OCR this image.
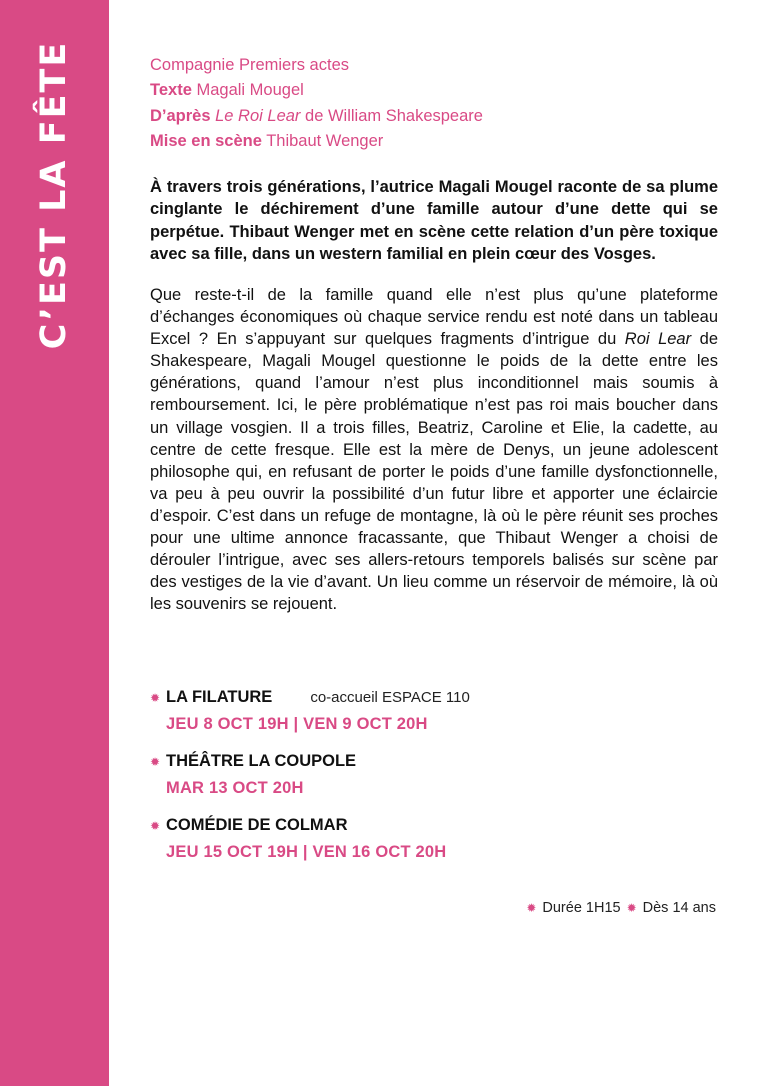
C’EST LA FÊTE	Compagnie Premiers actes
Texte Magali Mougel
D’après Le Roi Lear de William Shakespeare
Mise en scène Thibaut Wenger

À travers trois générations, l’autrice Magali Mougel raconte de sa plume cinglante le déchirement d’une famille autour d’une dette qui se perpétue. Thibaut Wenger met en scène cette relation d’un père toxique avec sa fille, dans un western familial en plein cœur des Vosges.

Que reste-t-il de la famille quand elle n’est plus qu’une plateforme d’échanges économiques où chaque service rendu est noté dans un tableau Excel ? En s’appuyant sur quelques fragments d’intrigue du Roi Lear de Shakespeare, Magali Mougel questionne le poids de la dette entre les générations, quand l’amour n’est plus inconditionnel mais soumis à remboursement. Ici, le père problématique n’est pas roi mais boucher dans un village vosgien. Il a trois filles, Beatriz, Caroline et Elie, la cadette, au centre de cette fresque. Elle est la mère de Denys, un jeune adolescent philosophe qui, en refusant de porter le poids d’une famille dysfonctionnelle, va peu à peu ouvrir la possibilité d’un futur libre et apporter une éclaircie d’espoir. C’est dans un refuge de montagne, là où le père réunit ses proches pour une ultime annonce fracassante, que Thibaut Wenger a choisi de dérouler l’intrigue, avec ses allers-retours temporels balisés sur scène par des vestiges de la vie d’avant. Un lieu comme un réservoir de mémoire, là où les souvenirs se rejouent.

✹ LA FILATURE	co-accueil ESPACE 110
JEU 8 OCT 19H | VEN 9 OCT 20H
✹ THÉÂTRE LA COUPOLE
MAR 13 OCT 20H
✹ COMÉDIE DE COLMAR
JEU 15 OCT 19H | VEN 16 OCT 20H
✹ Durée 1H15 ✹ Dès 14 ans
